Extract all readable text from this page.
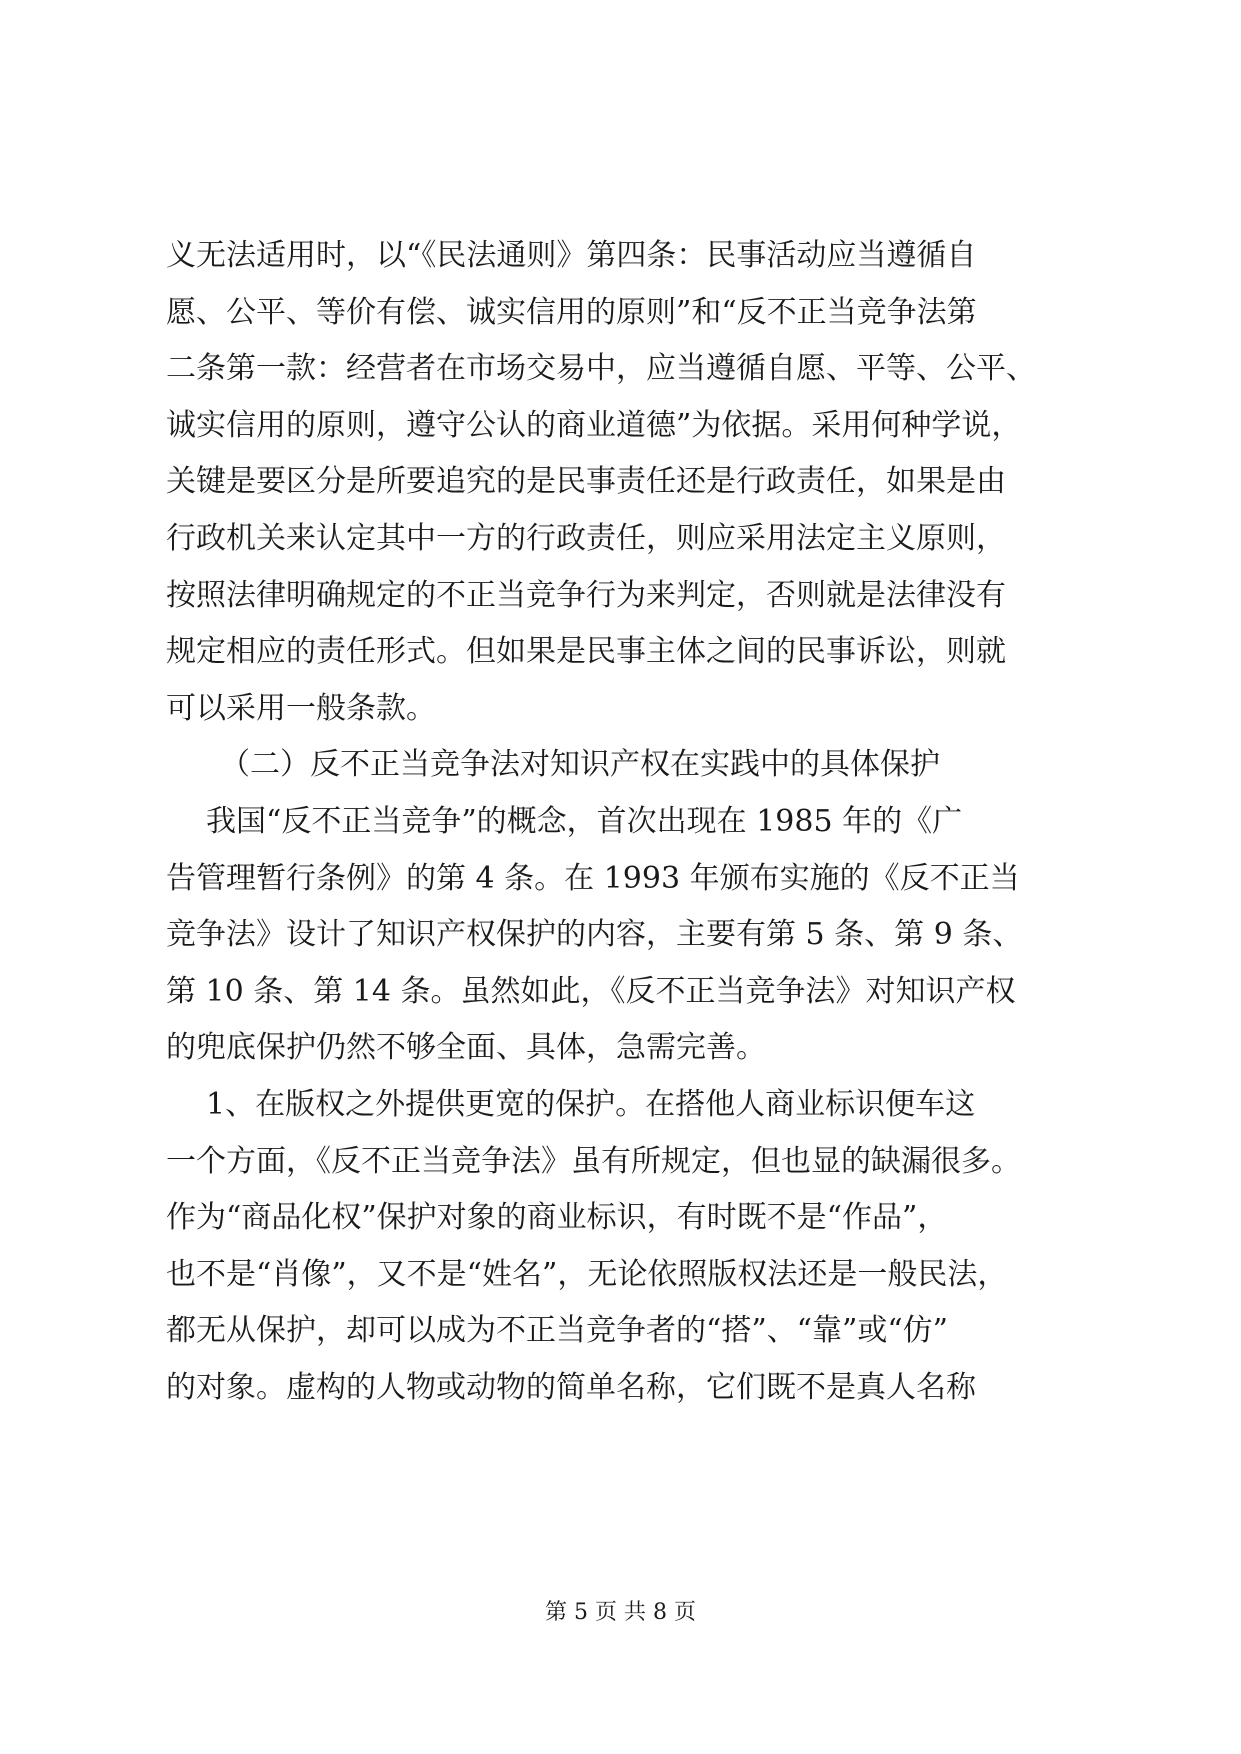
义无法适用时，以“《民法通则》第四条：民事活动应当遵循自
愿、公平、等价有偿、诚实信用的原则”和“反不正当竞争法第
二条第一款：经营者在市场交易中，应当遵循自愿、平等、公平、
诚实信用的原则，遵守公认的商业道德”为依据。采用何种学说，
关键是要区分是所要追究的是民事责任还是行政责任，如果是由
行政机关来认定其中一方的行政责任，则应采用法定主义原则，
按照法律明确规定的不正当竞争行为来判定，否则就是法律没有
规定相应的责任形式。但如果是民事主体之间的民事诉讼，则就
可以采用一般条款。
（二）反不正当竞争法对知识产权在实践中的具体保护
我国“反不正当竞争”的概念，首次出现在 1985 年的《广
告管理暂行条例》的第 4 条。在 1993 年颁布实施的《反不正当
竞争法》设计了知识产权保护的内容，主要有第 5 条、第 9 条、
第 10 条、第 14 条。虽然如此，《反不正当竞争法》对知识产权
的兜底保护仍然不够全面、具体，急需完善。
1、在版权之外提供更宽的保护。在搭他人商业标识便车这
一个方面，《反不正当竞争法》虽有所规定，但也显的缺漏很多。
作为“商品化权”保护对象的商业标识，有时既不是“作品”，
也不是“肖像”，又不是“姓名”，无论依照版权法还是一般民法，
都无从保护，却可以成为不正当竞争者的“搭”、“靠”或“仿”
的对象。虚构的人物或动物的简单名称，它们既不是真人名称
第 5 页 共 8 页
